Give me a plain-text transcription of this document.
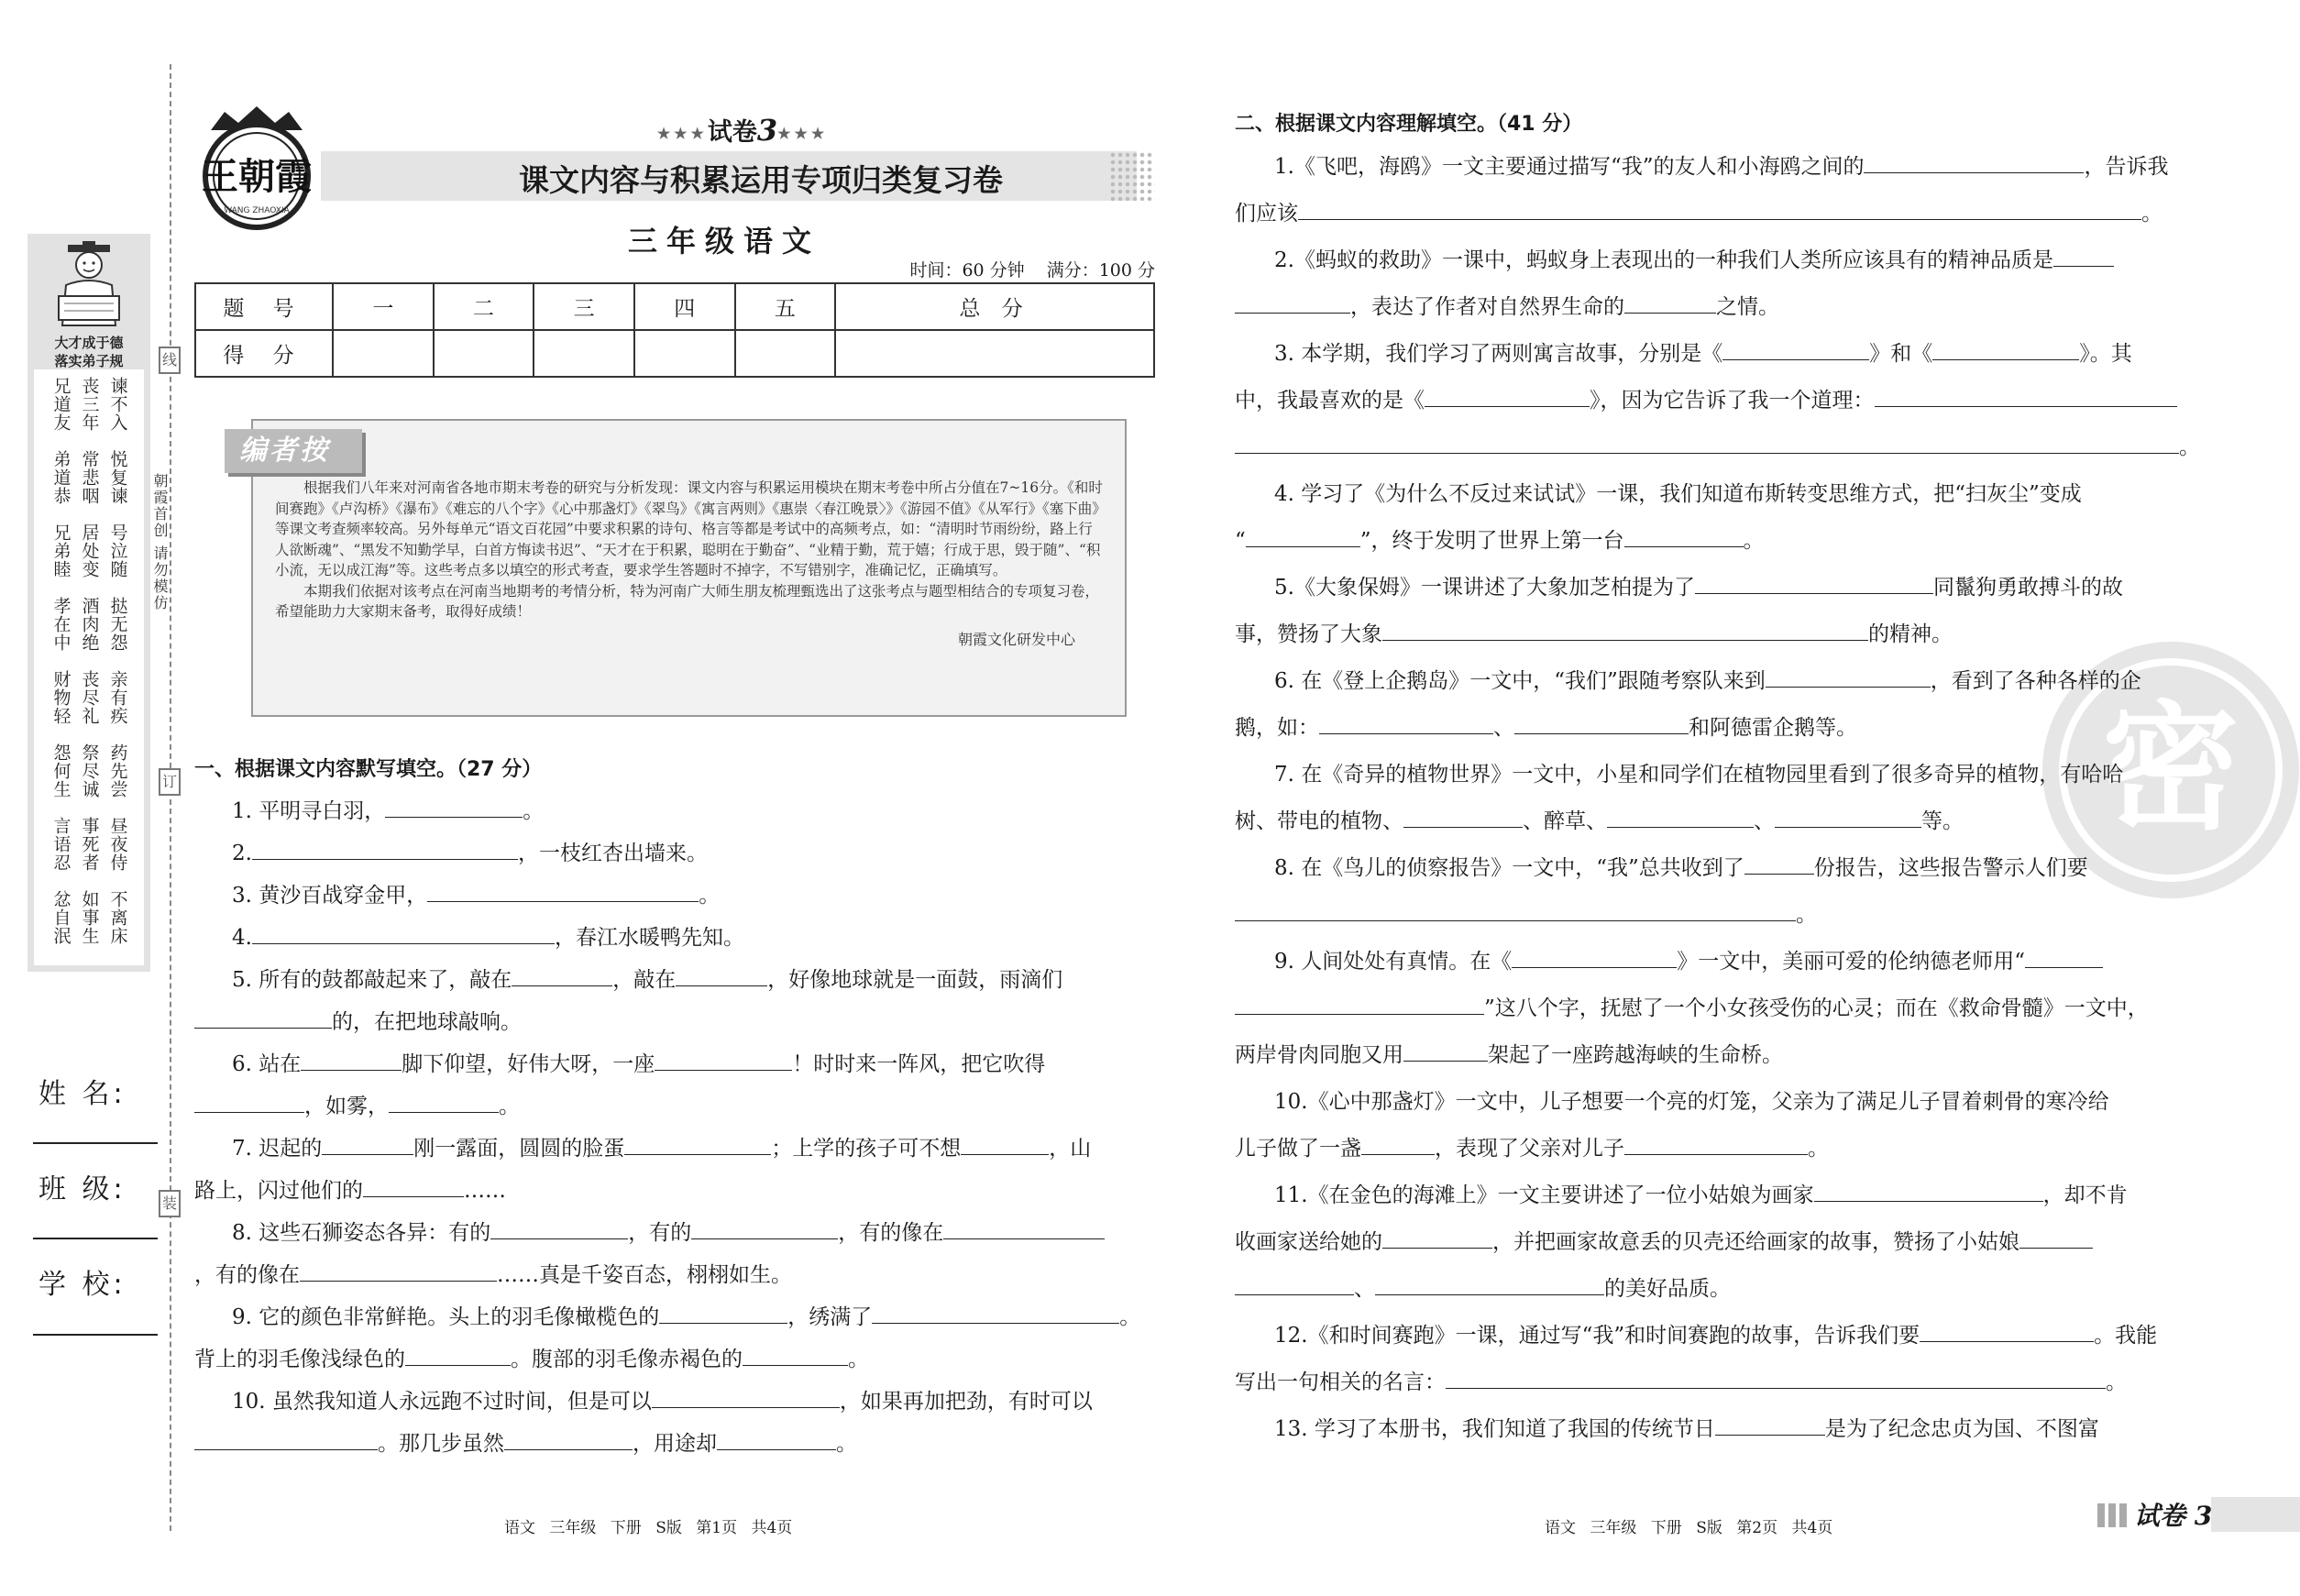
大才成于德
落实弟子规
兄道友 丧三年 谏不入
弟道恭 常悲咽 悦复谏
兄弟睦 居处变 号泣随
孝在中 酒肉绝 挞无怨
财物轻 丧尽礼 亲有疾
怨何生 祭尽诚 药先尝
言语忍 事死者 昼夜侍
忿自泯 如事生 不离床
线
订
装
朝霞首创 请勿模仿
姓 名:
班 级:
学 校:
王朝霞
WANG ZHAOXIA
★★★试卷3★★★
课文内容与积累运用专项归类复习卷
三年级语文
时间：60 分钟 满分：100 分
题 号	一	二	三	四	五	总 分
得 分						

根据我们八年来对河南省各地市期末考卷的研究与分析发现：课文内容与积累运用模块在期末考卷中所占分值在7~16分。《和时间赛跑》《卢沟桥》《瀑布》《难忘的八个字》《心中那盏灯》《翠鸟》《寓言两则》《惠崇〈春江晚景〉》《游园不值》《从军行》《塞下曲》等课文考查频率较高。另外每单元“语文百花园”中要求积累的诗句、格言等都是考试中的高频考点，如：“清明时节雨纷纷，路上行人欲断魂”、“黑发不知勤学早，白首方悔读书迟”、“天才在于积累，聪明在于勤奋”、“业精于勤，荒于嬉；行成于思，毁于随”、“积小流，无以成江海”等。这些考点多以填空的形式考查，要求学生答题时不掉字，不写错别字，准确记忆，正确填写。

本期我们依据对该考点在河南当地期考的考情分析，特为河南广大师生朋友梳理甄选出了这张考点与题型相结合的专项复习卷，希望能助力大家期末备考，取得好成绩！

朝霞文化研发中心
编者按
一、根据课文内容默写填空。（27 分）
1. 平明寻白羽，	。
2.	，一枝红杏出墙来。
3. 黄沙百战穿金甲，	。
4.	，春江水暖鸭先知。
5. 所有的鼓都敲起来了，敲在	，敲在	，好像地球就是一面鼓，雨滴们
的，在把地球敲响。
6. 站在	脚下仰望，好伟大呀，一座	！时时来一阵风，把它吹得
，如雾，	。
7. 迟起的	刚一露面，圆圆的脸蛋	；上学的孩子可不想	，山
路上，闪过他们的	……
8. 这些石狮姿态各异：有的	，有的	，有的像在
，有的像在	……真是千姿百态，栩栩如生。
9. 它的颜色非常鲜艳。头上的羽毛像橄榄色的	，绣满了	。
背上的羽毛像浅绿色的	。腹部的羽毛像赤褐色的	。
10. 虽然我知道人永远跑不过时间，但是可以	，如果再加把劲，有时可以
。那几步虽然	，用途却	。
语文 三年级 下册 S版 第1页 共4页
密
二、根据课文内容理解填空。（41 分）
1.《飞吧，海鸥》一文主要通过描写“我”的友人和小海鸥之间的	，告诉我
们应该	。
2.《蚂蚁的救助》一课中，蚂蚁身上表现出的一种我们人类所应该具有的精神品质是
，表达了作者对自然界生命的	之情。
3. 本学期，我们学习了两则寓言故事，分别是《	》和《	》。其
中，我最喜欢的是《	》，因为它告诉了我一个道理：
。
4. 学习了《为什么不反过来试试》一课，我们知道布斯转变思维方式，把“扫灰尘”变成
“	”，终于发明了世界上第一台	。
5.《大象保姆》一课讲述了大象加芝柏提为了	同鬣狗勇敢搏斗的故
事，赞扬了大象	的精神。
6. 在《登上企鹅岛》一文中，“我们”跟随考察队来到	，看到了各种各样的企
鹅，如：	、	和阿德雷企鹅等。
7. 在《奇异的植物世界》一文中，小星和同学们在植物园里看到了很多奇异的植物，有哈哈
树、带电的植物、	、醉草、	、	等。
8. 在《鸟儿的侦察报告》一文中，“我”总共收到了	份报告，这些报告警示人们要
。
9. 人间处处有真情。在《	》一文中，美丽可爱的伦纳德老师用“
”这八个字，抚慰了一个小女孩受伤的心灵；而在《救命骨髓》一文中，
两岸骨肉同胞又用	架起了一座跨越海峡的生命桥。
10.《心中那盏灯》一文中，儿子想要一个亮的灯笼，父亲为了满足儿子冒着刺骨的寒冷给
儿子做了一盏	，表现了父亲对儿子	。
11.《在金色的海滩上》一文主要讲述了一位小姑娘为画家	，却不肯
收画家送给她的	，并把画家故意丢的贝壳还给画家的故事，赞扬了小姑娘
、	的美好品质。
12.《和时间赛跑》一课，通过写“我”和时间赛跑的故事，告诉我们要	。我能
写出一句相关的名言：	。
13. 学习了本册书，我们知道了我国的传统节日	是为了纪念忠贞为国、不图富
语文 三年级 下册 S版 第2页 共4页	试卷 3
